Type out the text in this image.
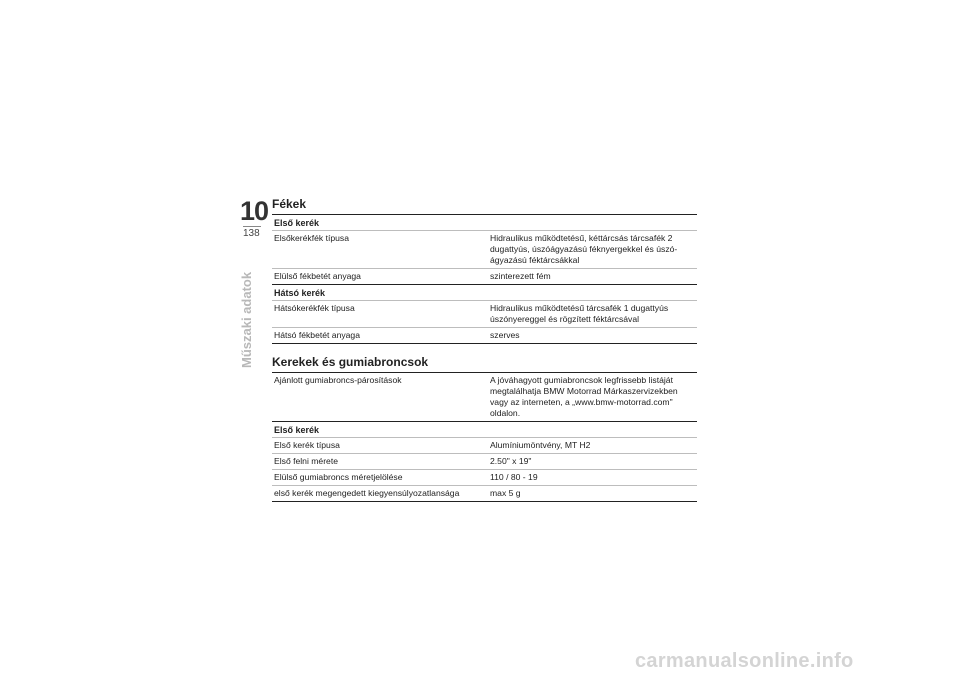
10
138
Műszaki adatok
Fékek
Első kerék
Elsőkerékfék típusa	Hidraulikus működtetésű, kéttárcsás tárcsafék 2 dugattyús, úszóágyazású féknyergekkel és úszó-ágyazású féktárcsákkal
Elülső fékbetét anyaga	szinterezett fém
Hátsó kerék
Hátsókerékfék típusa	Hidraulikus működtetésű tárcsafék 1 dugattyús úszónyereggel és rögzített féktárcsával
Hátsó fékbetét anyaga	szerves
Kerekek és gumiabroncsok
Ajánlott gumiabroncs-párosítások	A jóváhagyott gumiabroncsok legfrissebb listáját megtalálhatja BMW Motorrad Márkaszervizekben vagy az interneten, a „www.bmw-motorrad.com" oldalon.
Első kerék
Első kerék típusa	Alumíniumöntvény, MT H2
Első felni mérete	2.50" x 19"
Elülső gumiabroncs méretjelölése	110 / 80 - 19
első kerék megengedett kiegyensúlyozatlansága	max 5 g
carmanualsonline.info
